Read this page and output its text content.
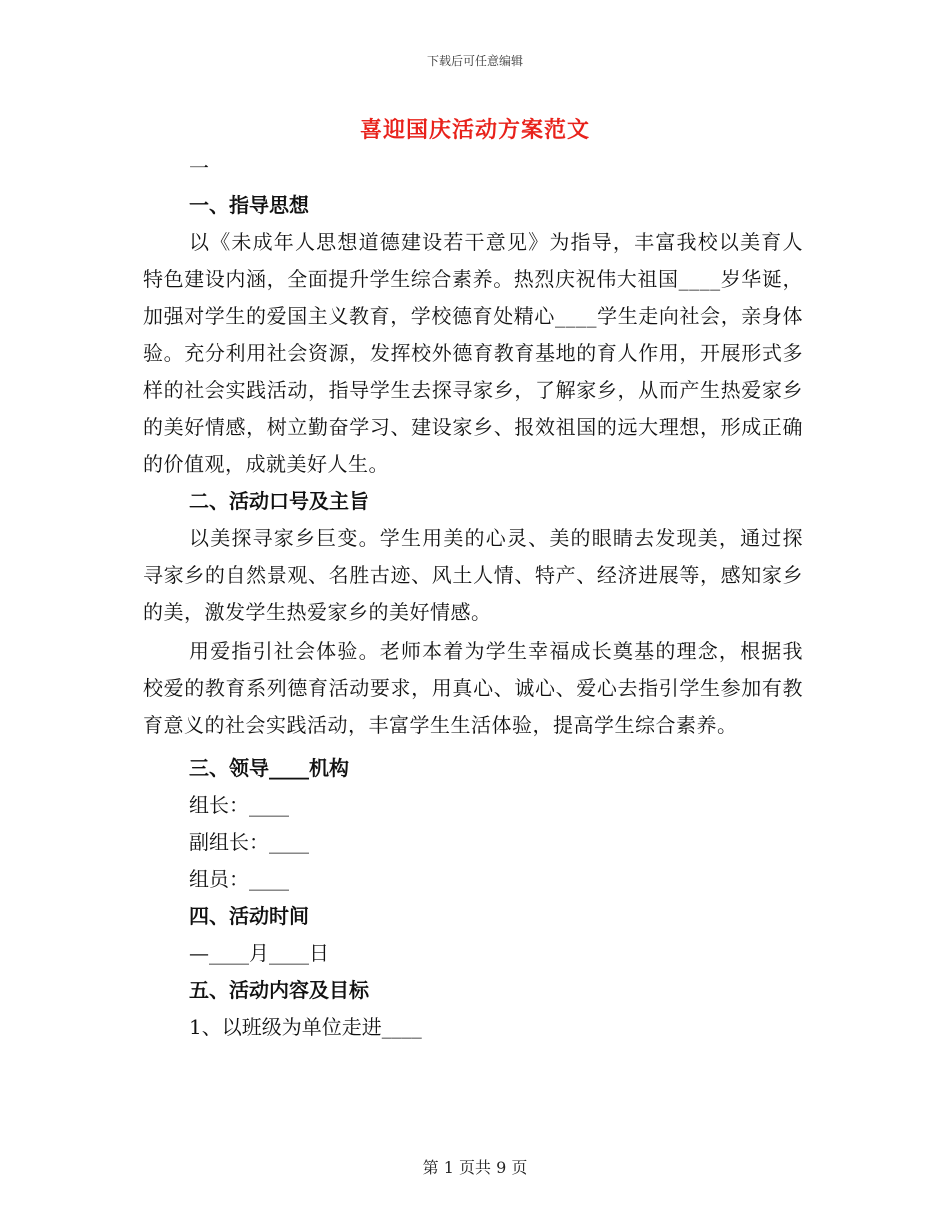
下载后可任意编辑
喜迎国庆活动方案范文

一

一、指导思想

以《未成年人思想道德建设若干意见》为指导，丰富我校以美育人特色建设内涵，全面提升学生综合素养。热烈庆祝伟大祖国____岁华诞，加强对学生的爱国主义教育，学校德育处精心____学生走向社会，亲身体验。充分利用社会资源，发挥校外德育教育基地的育人作用，开展形式多样的社会实践活动，指导学生去探寻家乡，了解家乡，从而产生热爱家乡的美好情感，树立勤奋学习、建设家乡、报效祖国的远大理想，形成正确的价值观，成就美好人生。

二、活动口号及主旨

以美探寻家乡巨变。学生用美的心灵、美的眼睛去发现美，通过探寻家乡的自然景观、名胜古迹、风土人情、特产、经济进展等，感知家乡的美，激发学生热爱家乡的美好情感。

用爱指引社会体验。老师本着为学生幸福成长奠基的理念，根据我校爱的教育系列德育活动要求，用真心、诚心、爱心去指引学生参加有教育意义的社会实践活动，丰富学生生活体验，提高学生综合素养。

三、领导____机构

组长：____

副组长：____

组员：____

四、活动时间

—____月____日

五、活动内容及目标

1、以班级为单位走进____

第 1 页共 9 页
